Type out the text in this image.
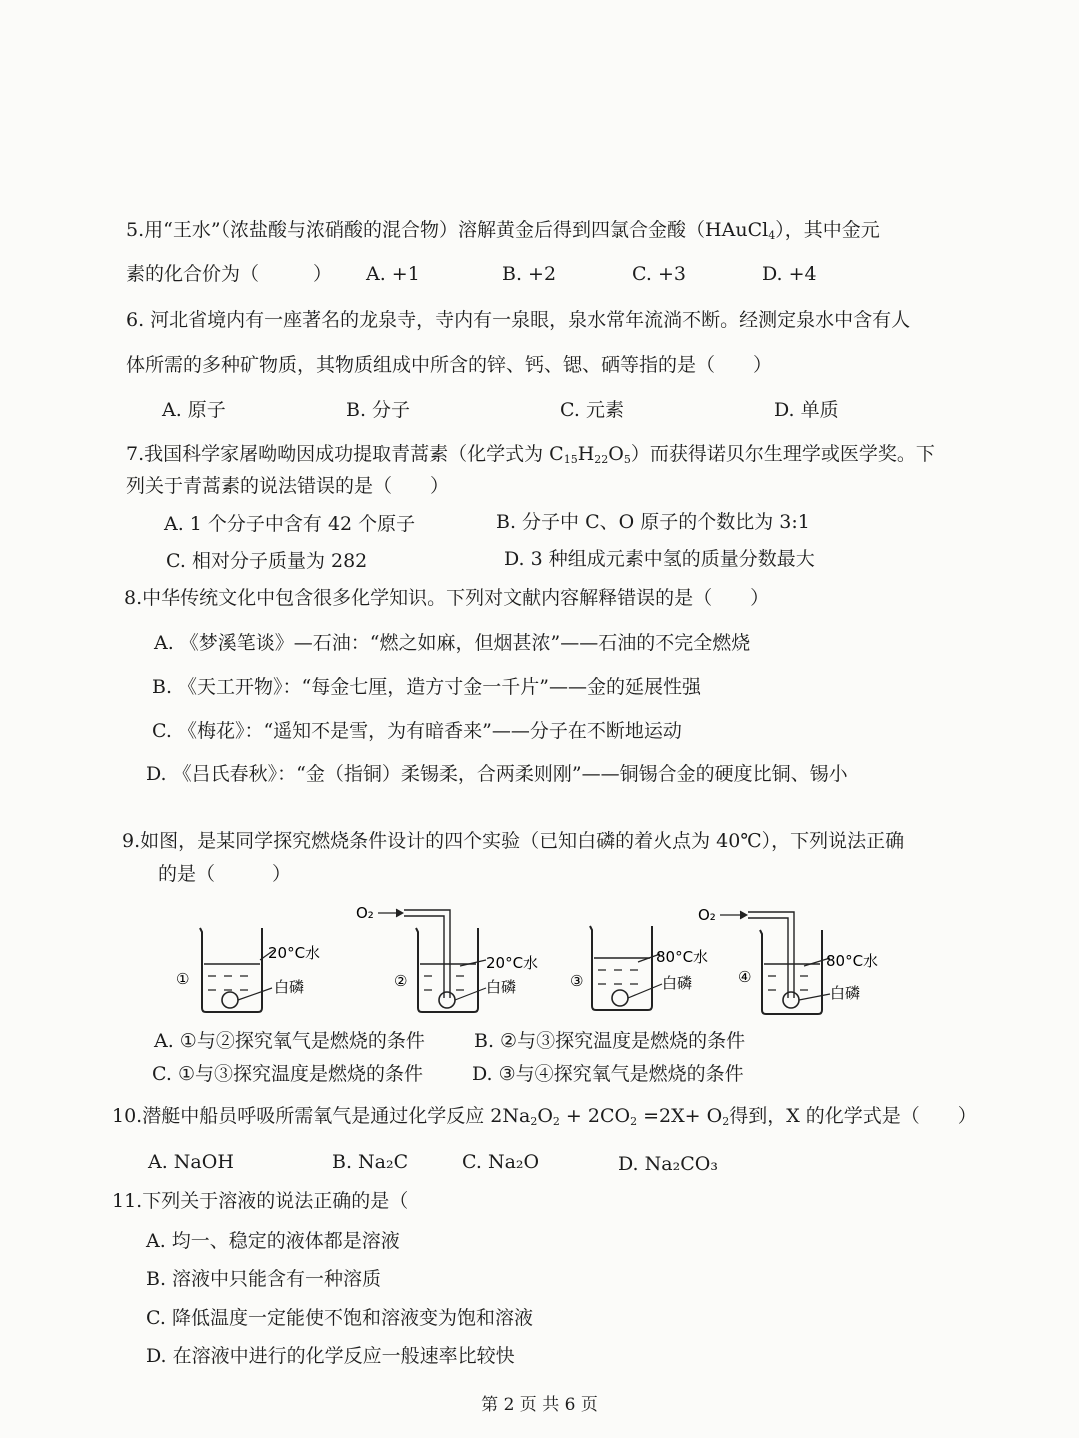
5.用“王水”（浓盐酸与浓硝酸的混合物）溶解黄金后得到四氯合金酸（HAuCl$_4$），其中金元
素的化合价为（	） A. +1	B. +2	C. +3	D. +4
6. 河北省境内有一座著名的龙泉寺，寺内有一泉眼，泉水常年流淌不断。经测定泉水中含有人
体所需的多种矿物质，其物质组成中所含的锌、钙、锶、硒等指的是（　　）
A. 原子	B. 分子	C. 元素	D. 单质
7.我国科学家屠呦呦因成功提取青蒿素（化学式为 $C_{15}H_{22}O_5$）而获得诺贝尔生理学或医学奖。下
列关于青蒿素的说法错误的是（　　）
A. 1 个分子中含有 42 个原子	B. 分子中 C、O 原子的个数比为 3:1
C. 相对分子质量为 282	D. 3 种组成元素中氢的质量分数最大
8.中华传统文化中包含很多化学知识。下列对文献内容解释错误的是（　　）
A. 《梦溪笔谈》—石油：“燃之如麻，但烟甚浓”——石油的不完全燃烧
B. 《天工开物》：“每金七厘，造方寸金一千片”——金的延展性强
C. 《梅花》：“遥知不是雪，为有暗香来”——分子在不断地运动
D. 《吕氏春秋》：“金（指铜）柔锡柔，合两柔则刚”——铜锡合金的硬度比铜、锡小
9.如图，是某同学探究燃烧条件设计的四个实验（已知白磷的着火点为 40℃），下列说法正确
的是（　　　）
①
20°C水
白磷
O₂
②
20°C水
白磷	③
80°C水
白磷
O₂
④
80°C水
白磷
A. ①与②探究氧气是燃烧的条件	B. ②与③探究温度是燃烧的条件
C. ①与③探究温度是燃烧的条件	D. ③与④探究氧气是燃烧的条件
10.潜艇中船员呼吸所需氧气是通过化学反应 $2Na_2O_2 + 2CO_2 =2X+ O_2$得到，X 的化学式是（　　）
A. NaOH	B. Na₂C	C. Na₂O	D. Na₂CO₃
11.下列关于溶液的说法正确的是（
A. 均一、稳定的液体都是溶液
B. 溶液中只能含有一种溶质
C. 降低温度一定能使不饱和溶液变为饱和溶液
D. 在溶液中进行的化学反应一般速率比较快
第 2 页 共 6 页
